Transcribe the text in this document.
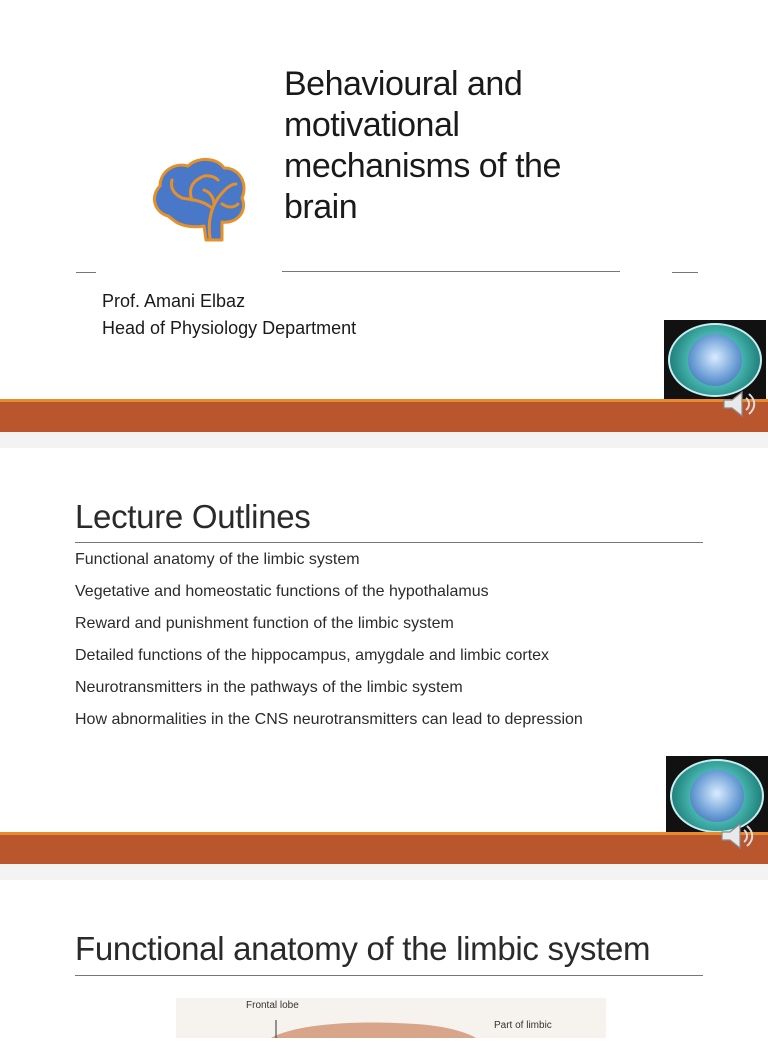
Behavioural and
motivational
mechanisms of the
brain
Prof. Amani Elbaz
Head of Physiology Department
Lecture Outlines
Functional anatomy of the limbic system
Vegetative and homeostatic functions of the hypothalamus
Reward and punishment function of the limbic system
Detailed functions of the hippocampus, amygdale and limbic cortex
Neurotransmitters in the pathways of the limbic system
How abnormalities in the CNS neurotransmitters can lead to depression
Functional anatomy of the limbic system
Frontal lobe
Part of limbic
